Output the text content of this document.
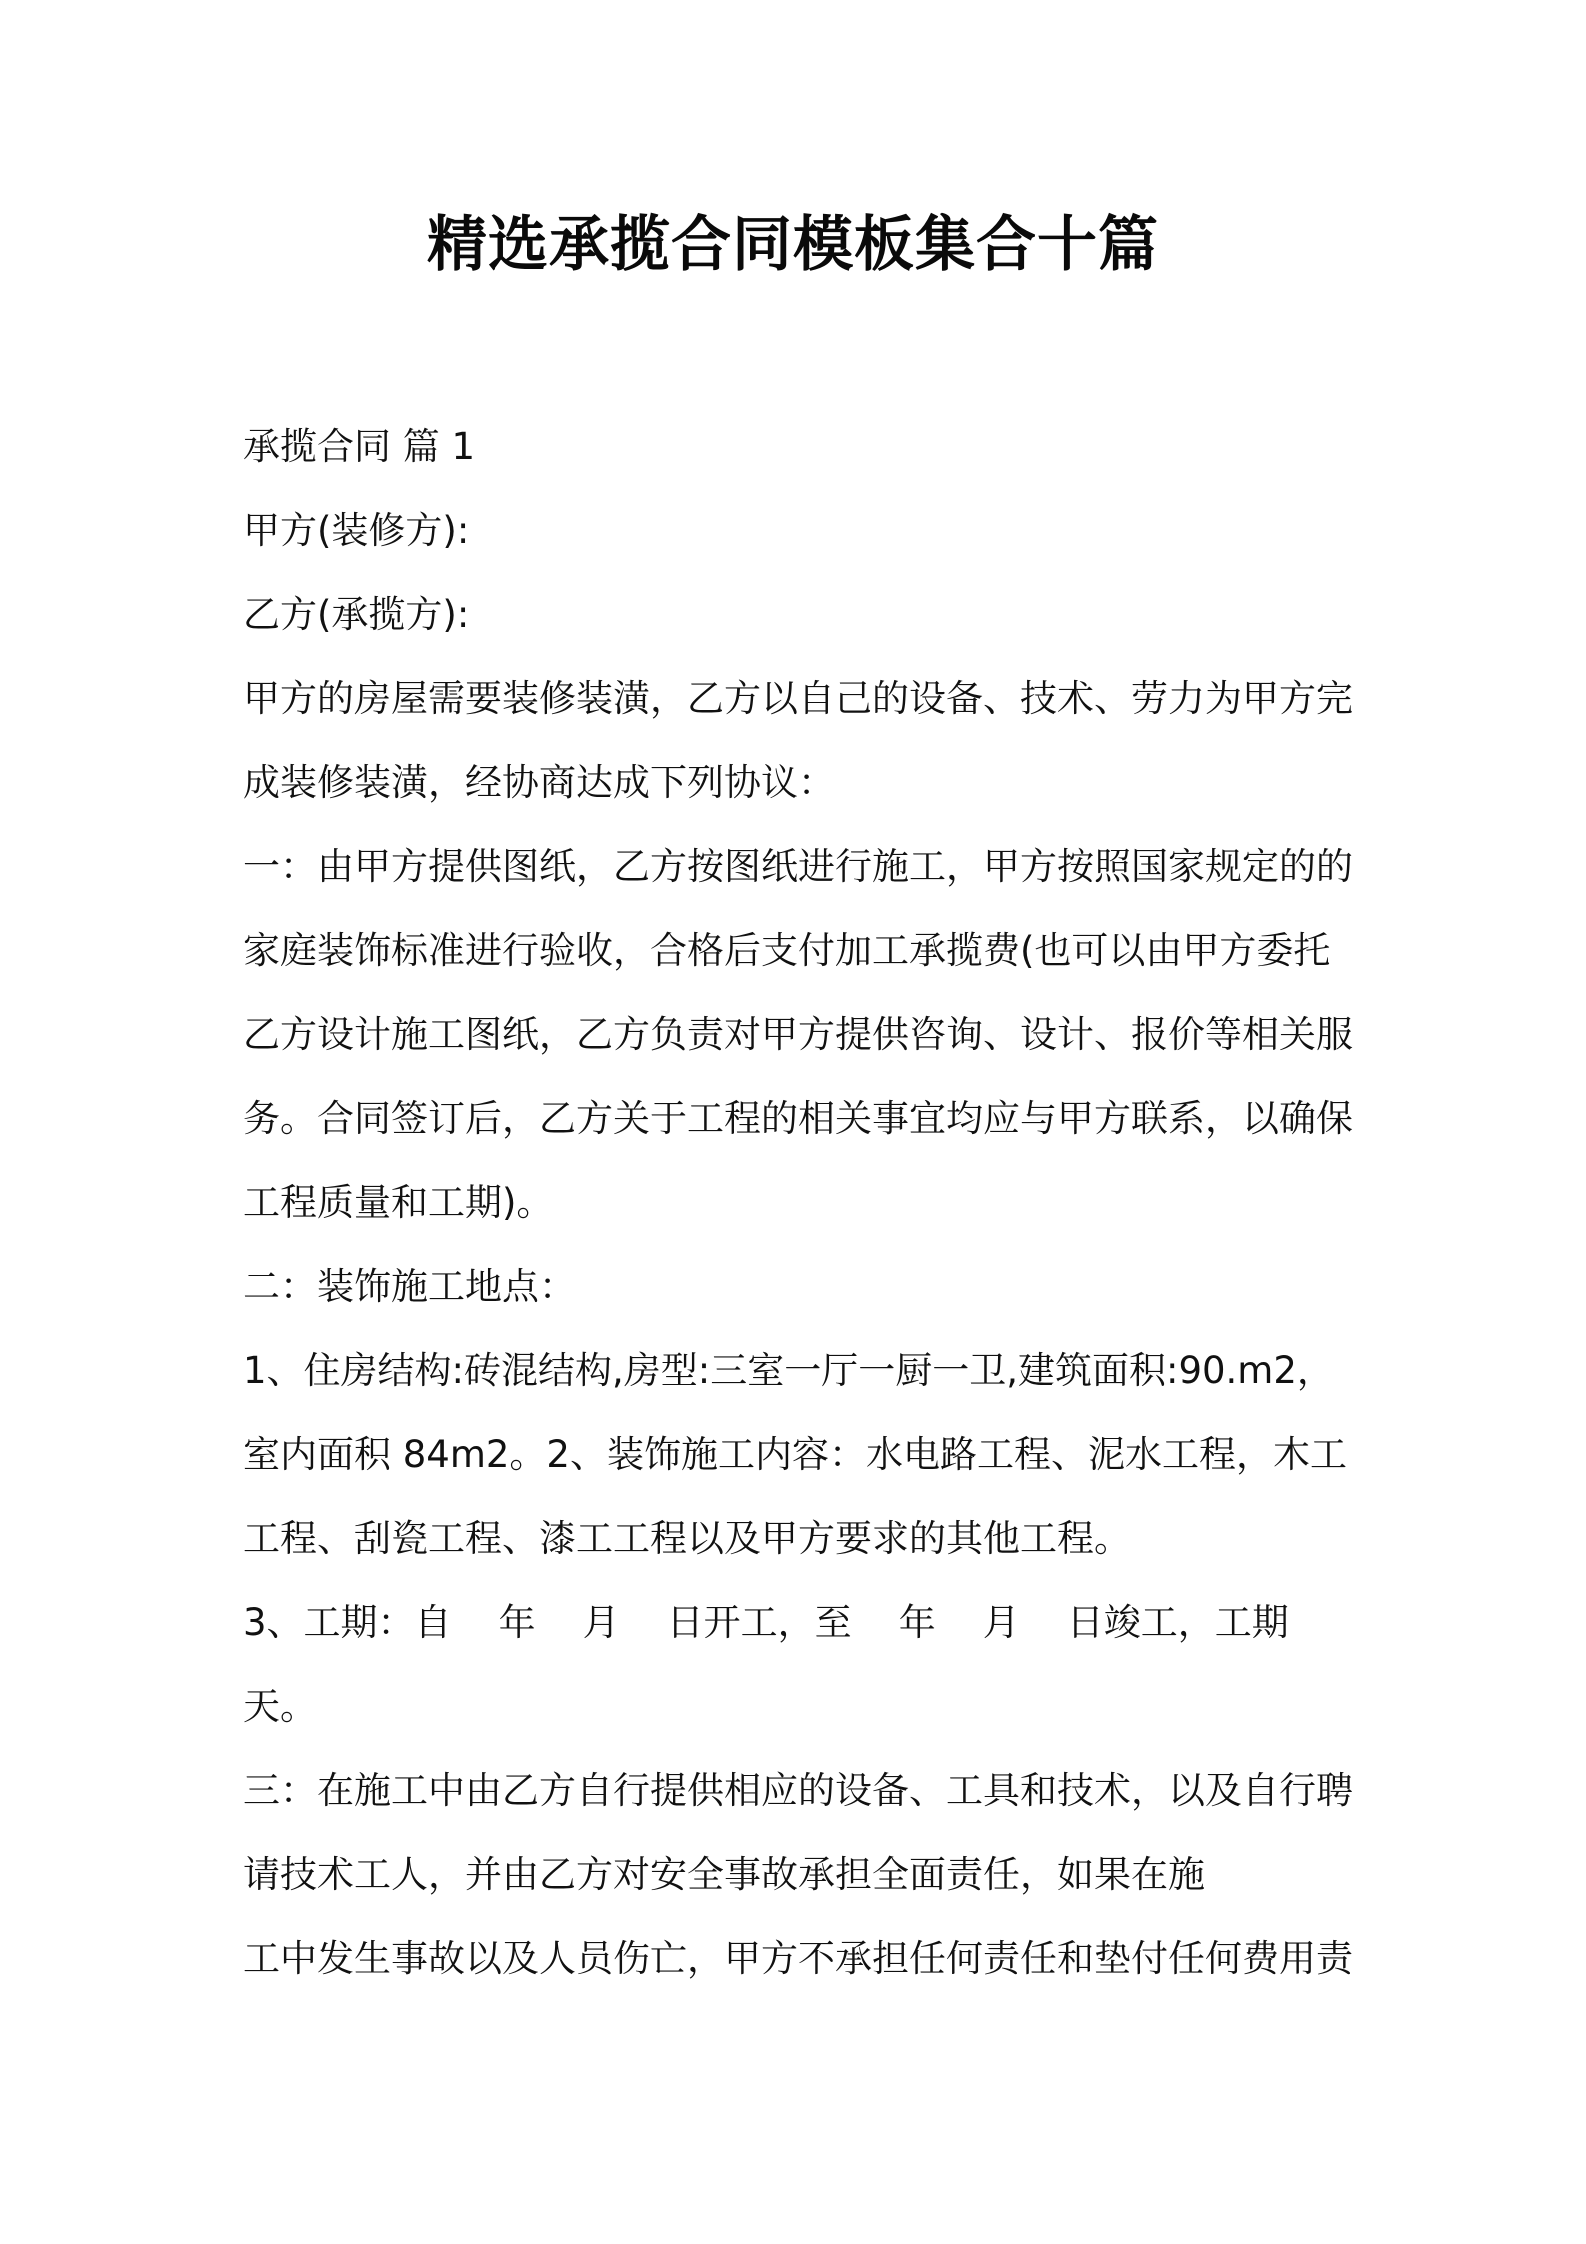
精选承揽合同模板集合十篇
承揽合同 篇 1
甲方(装修方):
乙方(承揽方):
甲方的房屋需要装修装潢，乙方以自己的设备、技术、劳力为甲方完
成装修装潢，经协商达成下列协议：
一：由甲方提供图纸，乙方按图纸进行施工，甲方按照国家规定的的
家庭装饰标准进行验收，合格后支付加工承揽费(也可以由甲方委托
乙方设计施工图纸，乙方负责对甲方提供咨询、设计、报价等相关服
务。合同签订后，乙方关于工程的相关事宜均应与甲方联系，以确保
工程质量和工期)。
二：装饰施工地点：
1、住房结构:砖混结构,房型:三室一厅一厨一卫,建筑面积:90.m2，
室内面积 84m2。2、装饰施工内容：水电路工程、泥水工程，木工
工程、刮瓷工程、漆工工程以及甲方要求的其他工程。
3、工期：自    年    月    日开工，至    年    月    日竣工，工期
天。
三：在施工中由乙方自行提供相应的设备、工具和技术，以及自行聘
请技术工人，并由乙方对安全事故承担全面责任，如果在施
工中发生事故以及人员伤亡，甲方不承担任何责任和垫付任何费用责
